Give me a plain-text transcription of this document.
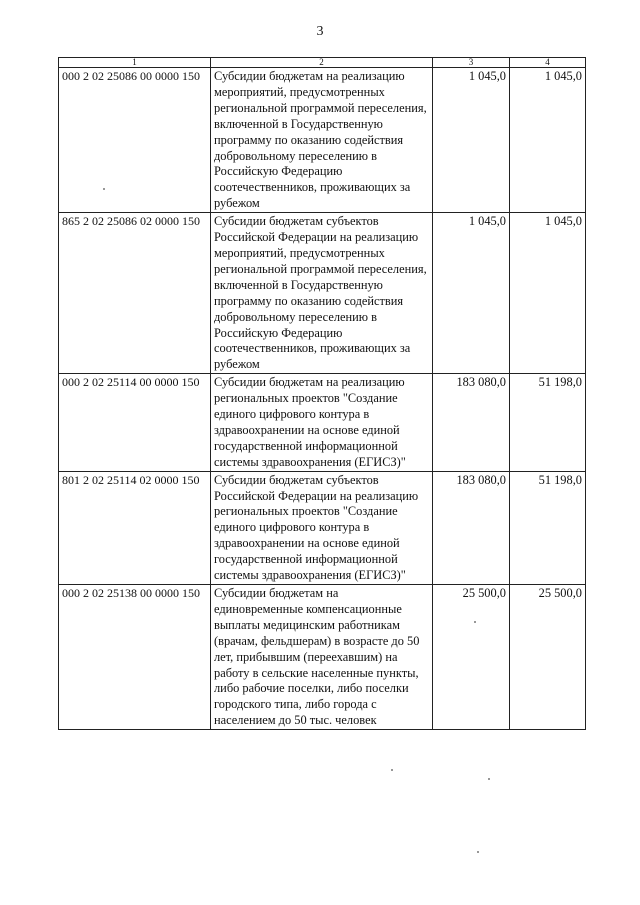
3
1	2	3	4
000 2 02 25086 00 0000 150	Субсидии бюджетам на реализацию мероприятий, предусмотренных региональной программой переселения, включенной в Государственную программу по оказанию содействия добровольному переселению в Российскую Федерацию соотечественников, проживающих за рубежом	1 045,0	1 045,0
865 2 02 25086 02 0000 150	Субсидии бюджетам субъектов Российской Федерации на реализацию мероприятий, предусмотренных региональной программой переселения, включенной в Государственную программу по оказанию содействия добровольному переселению в Российскую Федерацию соотечественников, проживающих за рубежом	1 045,0	1 045,0
000 2 02 25114 00 0000 150	Субсидии бюджетам на реализацию региональных проектов "Создание единого цифрового контура в здравоохранении на основе единой государственной информационной системы здравоохранения (ЕГИСЗ)"	183 080,0	51 198,0
801 2 02 25114 02 0000 150	Субсидии бюджетам субъектов Российской Федерации на реализацию региональных проектов "Создание единого цифрового контура в здравоохранении на основе единой государственной информационной системы здравоохранения (ЕГИСЗ)"	183 080,0	51 198,0
000 2 02 25138 00 0000 150	Субсидии бюджетам на единовременные компенсационные выплаты медицинским работникам (врачам, фельдшерам) в возрасте до 50 лет, прибывшим (переехавшим) на работу в сельские населенные пункты, либо рабочие поселки, либо поселки городского типа, либо города с населением до 50 тыс. человек	25 500,0	25 500,0
